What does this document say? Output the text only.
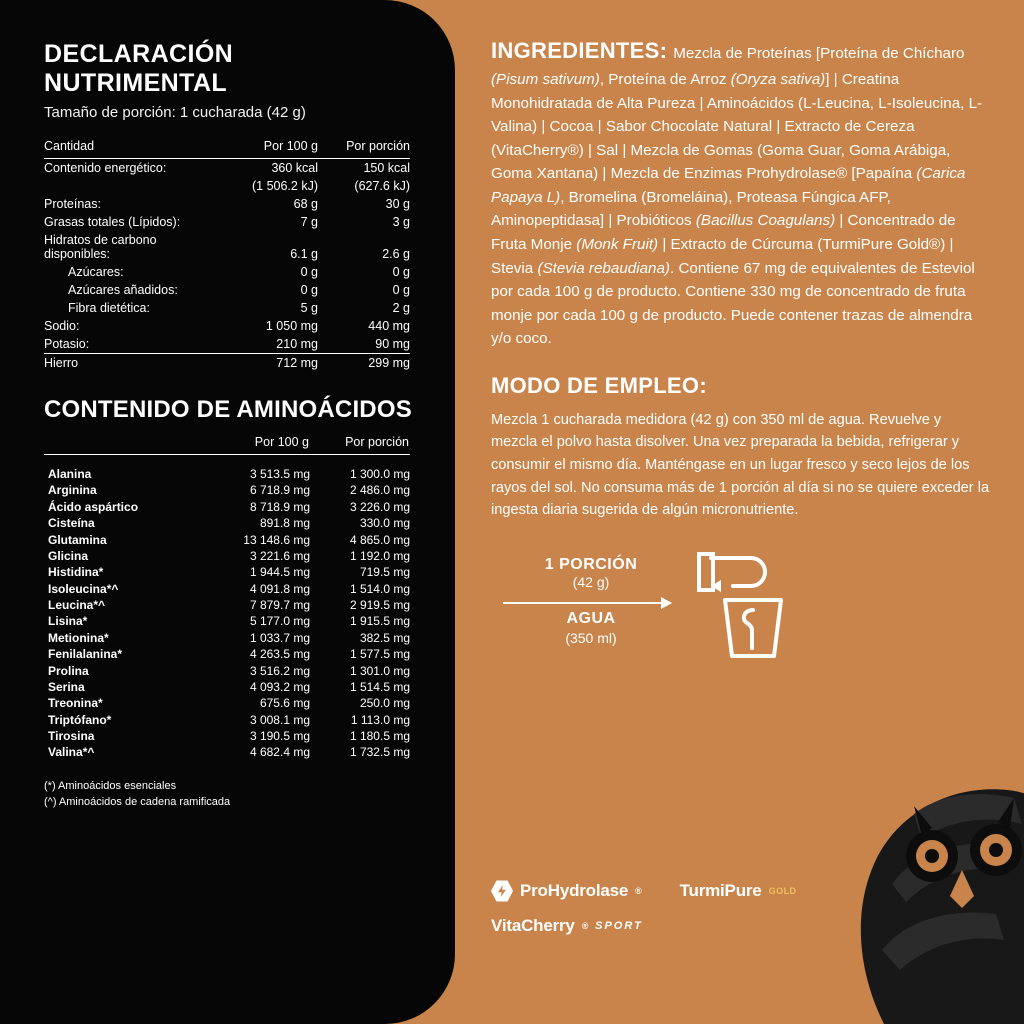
DECLARACIÓN NUTRIMENTAL
Tamaño de porción: 1 cucharada (42 g)
Cantidad	Por 100 g	Por porción
Contenido energético:	360 kcal	150 kcal
	(1 506.2 kJ)	(627.6 kJ)
Proteínas:	68 g	30 g
Grasas totales (Lípidos):	7 g	3 g
Hidratos de carbono disponibles:	6.1 g	2.6 g
Azúcares:	0 g	0 g
Azúcares añadidos:	0 g	0 g
Fibra dietética:	5 g	2 g
Sodio:	1 050 mg	440 mg
Potasio:	210 mg	90 mg
Hierro	712 mg	299 mg
CONTENIDO DE AMINOÁCIDOS
	Por 100 g	Por porción
Alanina	3 513.5 mg	1 300.0 mg
Arginina	6 718.9 mg	2 486.0 mg
Ácido aspártico	8 718.9 mg	3 226.0 mg
Cisteína	891.8 mg	330.0 mg
Glutamina	13 148.6 mg	4 865.0 mg
Glicina	3 221.6 mg	1 192.0 mg
Histidina*	1 944.5 mg	719.5 mg
Isoleucina*^	4 091.8 mg	1 514.0 mg
Leucina*^	7 879.7 mg	2 919.5 mg
Lisina*	5 177.0 mg	1 915.5 mg
Metionina*	1 033.7 mg	382.5 mg
Fenilalanina*	4 263.5 mg	1 577.5 mg
Prolina	3 516.2 mg	1 301.0 mg
Serina	4 093.2 mg	1 514.5 mg
Treonina*	675.6 mg	250.0 mg
Triptófano*	3 008.1 mg	1 113.0 mg
Tirosina	3 190.5 mg	1 180.5 mg
Valina*^	4 682.4 mg	1 732.5 mg
(*) Aminoácidos esenciales
(^) Aminoácidos de cadena ramificada
INGREDIENTES: Mezcla de Proteínas [Proteína de Chícharo (Pisum sativum), Proteína de Arroz (Oryza sativa)] | Creatina Monohidratada de Alta Pureza | Aminoácidos (L-Leucina, L-Isoleucina, L-Valina) | Cocoa | Sabor Chocolate Natural | Extracto de Cereza (VitaCherry®) | Sal | Mezcla de Gomas (Goma Guar, Goma Arábiga, Goma Xantana) | Mezcla de Enzimas Prohydrolase® [Papaína (Carica Papaya L), Bromelina (Bromeláina), Proteasa Fúngica AFP, Aminopeptidasa] | Probióticos (Bacillus Coagulans) | Concentrado de Fruta Monje (Monk Fruit) | Extracto de Cúrcuma (TurmiPure Gold®) | Stevia (Stevia rebaudiana). Contiene 67 mg de equivalentes de Esteviol por cada 100 g de producto. Contiene 330 mg de concentrado de fruta monje por cada 100 g de producto. Puede contener trazas de almendra y/o coco.
MODO DE EMPLEO:
Mezcla 1 cucharada medidora (42 g) con 350 ml de agua. Revuelve y mezcla el polvo hasta disolver. Una vez preparada la bebida, refrigerar y consumir el mismo día. Manténgase en un lugar fresco y seco lejos de los rayos del sol. No consuma más de 1 porción al día si no se quiere exceder la ingesta diaria sugerida de algún micronutriente.
1 PORCIÓN
(42 g)
AGUA
(350 ml)
ProHydrolase ® TurmiPure GOLD
VitaCherry ® SPORT
